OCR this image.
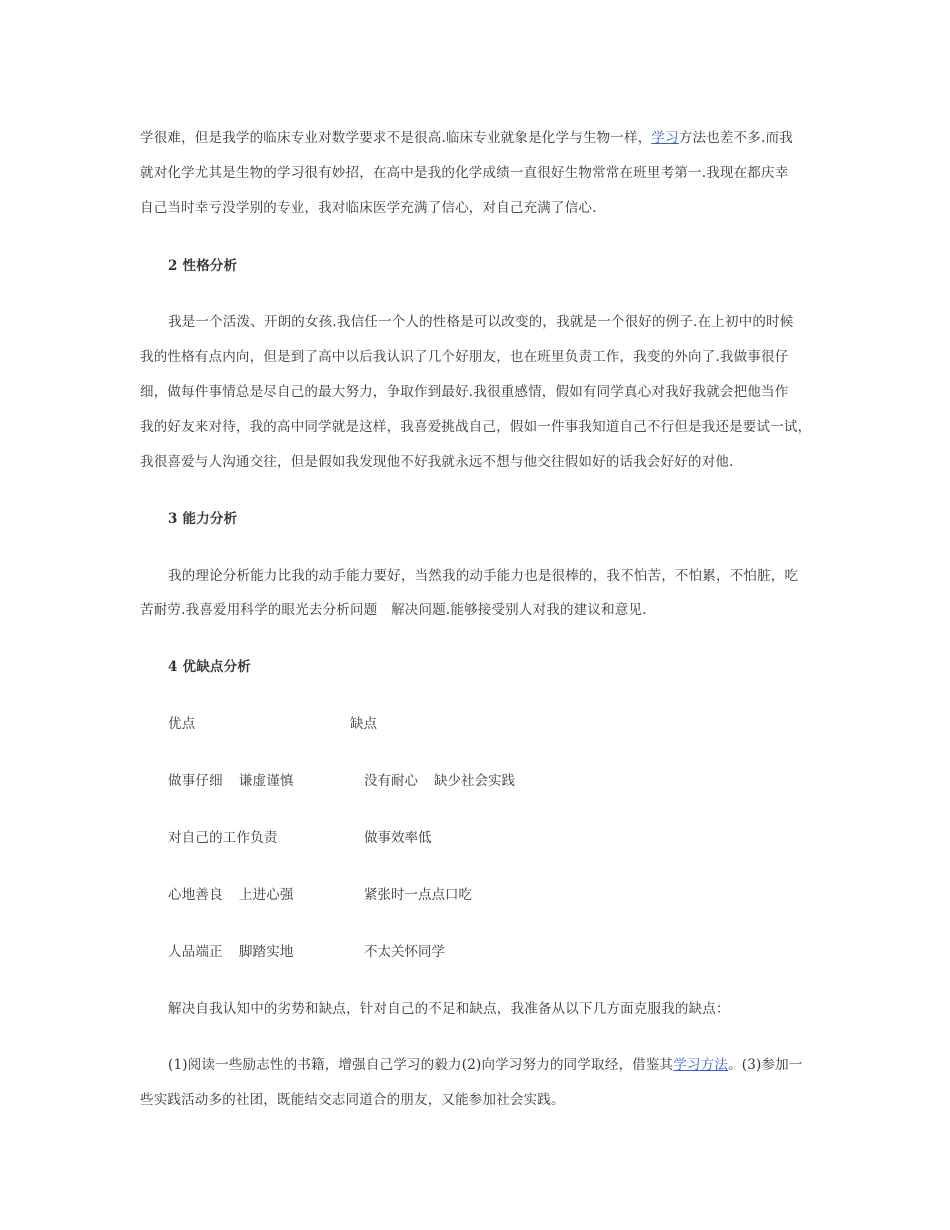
学很难，但是我学的临床专业对数学要求不是很高.临床专业就象是化学与生物一样，学习方法也差不多.而我
就对化学尤其是生物的学习很有妙招，在高中是我的化学成绩一直很好生物常常在班里考第一.我现在都庆幸
自己当时幸亏没学别的专业，我对临床医学充满了信心，对自己充满了信心.
2 性格分析
我是一个活泼、开朗的女孩.我信任一个人的性格是可以改变的，我就是一个很好的例子.在上初中的时候
我的性格有点内向，但是到了高中以后我认识了几个好朋友，也在班里负责工作，我变的外向了.我做事很仔
细，做每件事情总是尽自己的最大努力，争取作到最好.我很重感情，假如有同学真心对我好我就会把他当作
我的好友来对待，我的高中同学就是这样，我喜爱挑战自己，假如一件事我知道自己不行但是我还是要试一试，
我很喜爱与人沟通交往，但是假如我发现他不好我就永远不想与他交往假如好的话我会好好的对他.
3 能力分析
我的理论分析能力比我的动手能力要好，当然我的动手能力也是很棒的，我不怕苦，不怕累，不怕脏，吃
苦耐劳.我喜爱用科学的眼光去分析问题　解决问题.能够接受别人对我的建议和意见.
4 优缺点分析
优点	缺点
做事仔细 谦虚谨慎	没有耐心 缺少社会实践
对自己的工作负责	做事效率低
心地善良 上进心强	紧张时一点点口吃
人品端正 脚踏实地	不太关怀同学
解决自我认知中的劣势和缺点，针对自己的不足和缺点，我准备从以下几方面克服我的缺点：
(1)阅读一些励志性的书籍，增强自己学习的毅力(2)向学习努力的同学取经，借鉴其学习方法。(3)参加一
些实践活动多的社团，既能结交志同道合的朋友，又能参加社会实践。
